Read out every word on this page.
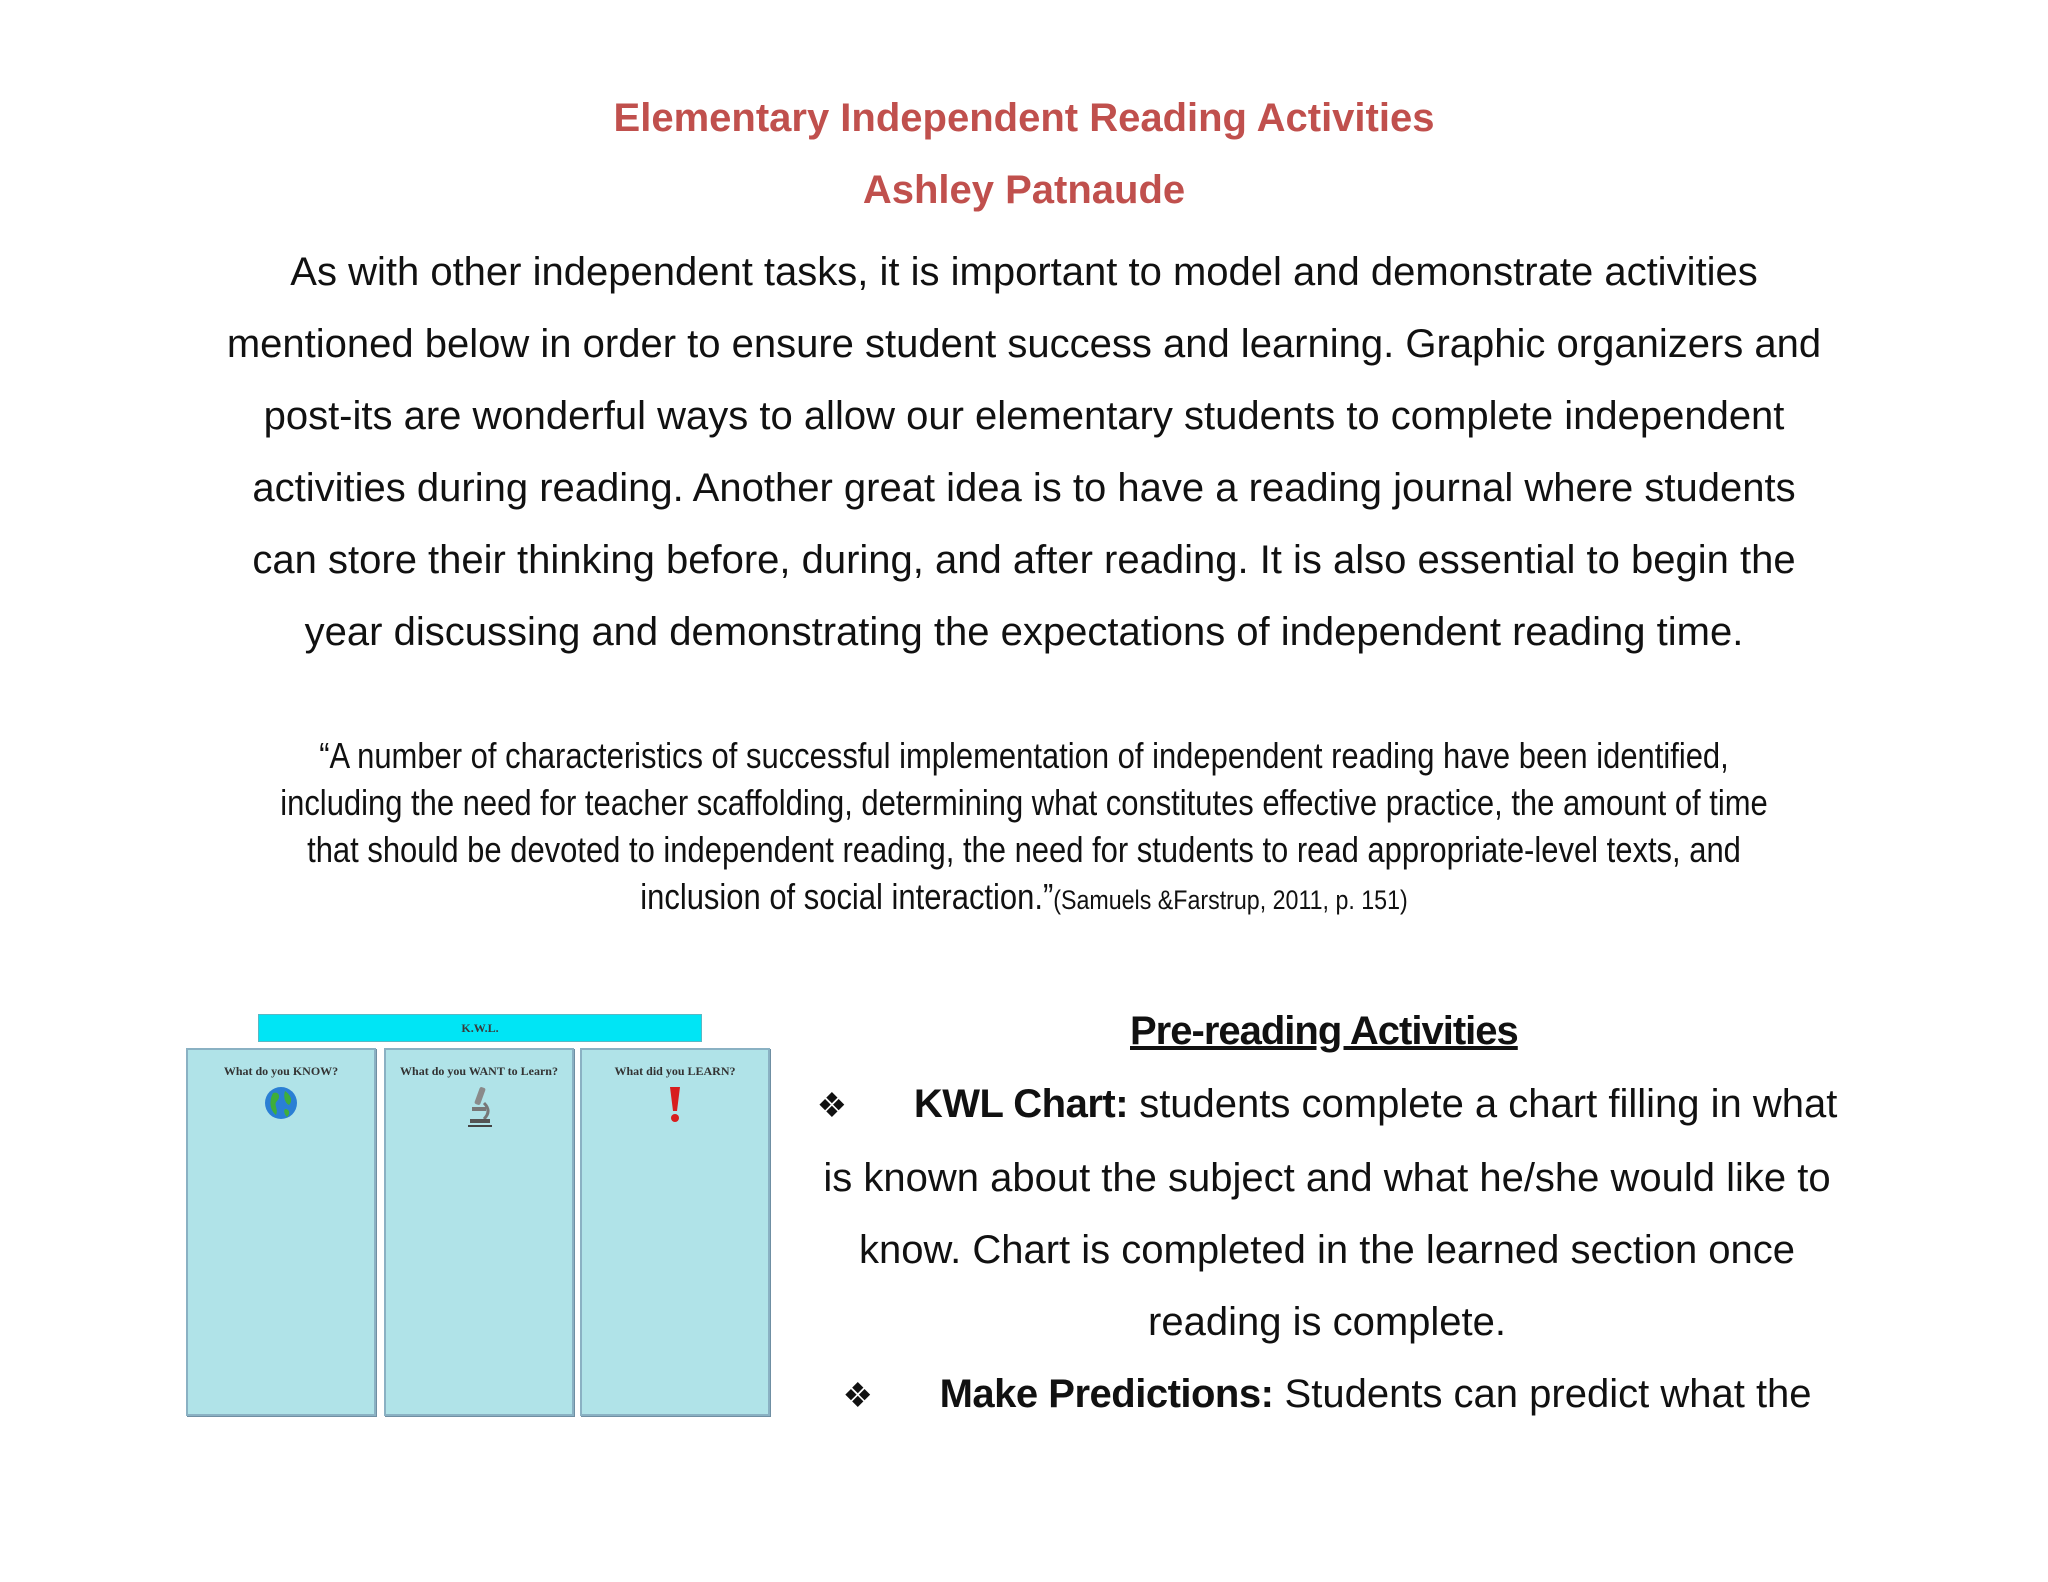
Elementary Independent Reading Activities
Ashley Patnaude

As with other independent tasks, it is important to model and demonstrate activities
mentioned below in order to ensure student success and learning. Graphic organizers and
post-its are wonderful ways to allow our elementary students to complete independent
activities during reading. Another great idea is to have a reading journal where students
can store their thinking before, during, and after reading. It is also essential to begin the
year discussing and demonstrating the expectations of independent reading time.

“A number of characteristics of successful implementation of independent reading have been identified,
including the need for teacher scaffolding, determining what constitutes effective practice, the amount of time
that should be devoted to independent reading, the need for students to read appropriate-level texts, and
inclusion of social interaction.”(Samuels &Farstrup, 2011, p. 151)

K.W.L.
What do you KNOW?	What do you WANT to Learn?	What did you LEARN?
Pre-reading Activities

❖ KWL Chart: students complete a chart filling in what
is known about the subject and what he/she would like to
know. Chart is completed in the learned section once
reading is complete.
❖ Make Predictions: Students can predict what the
